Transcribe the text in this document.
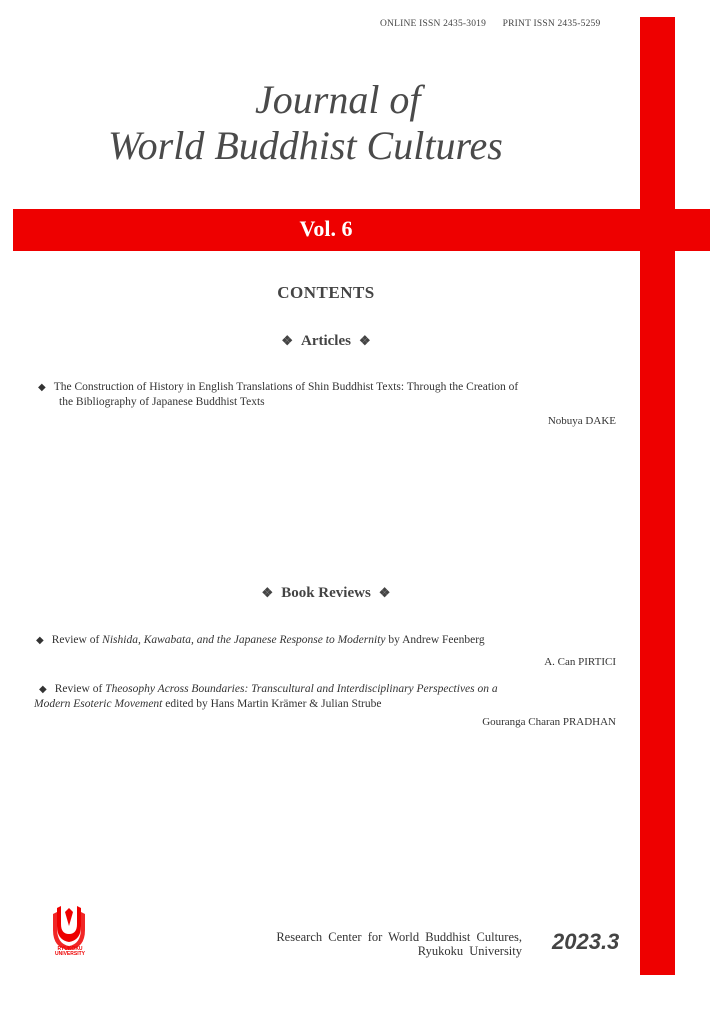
ONLINE ISSN 2435-3019 PRINT ISSN 2435-5259
Journal of
World Buddhist Cultures
Vol. 6
CONTENTS
❖ Articles ❖
◆ The Construction of History in English Translations of Shin Buddhist Texts: Through the Creation of
the Bibliography of Japanese Buddhist Texts
Nobuya DAKE
❖ Book Reviews ❖
◆ Review of Nishida, Kawabata, and the Japanese Response to Modernity by Andrew Feenberg
A. Can PIRTICI
◆ Review of Theosophy Across Boundaries: Transcultural and Interdisciplinary Perspectives on a
Modern Esoteric Movement edited by Hans Martin Krämer & Julian Strube
Gouranga Charan PRADHAN
RYUKOKU
UNIVERSITY
Research Center for World Buddhist Cultures,
Ryukoku University 2023.3
